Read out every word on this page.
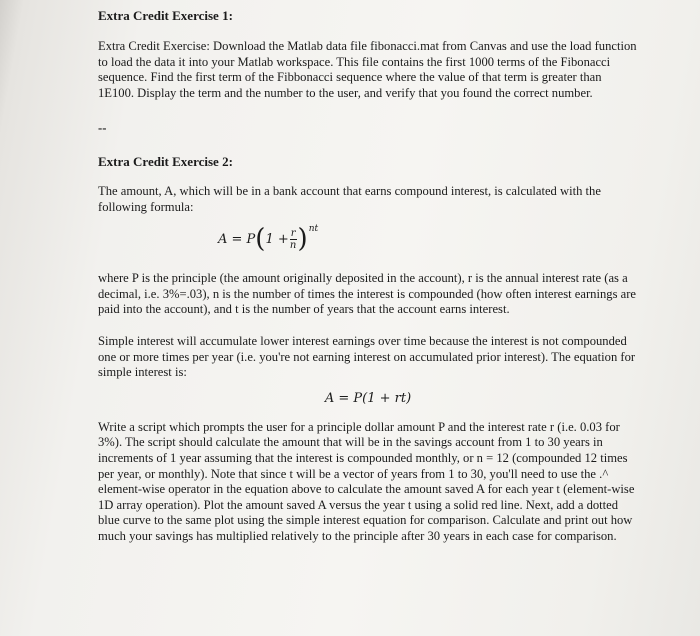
Extra Credit Exercise 1:

Extra Credit Exercise: Download the Matlab data file fibonacci.mat from Canvas and use the load function to load the data it into your Matlab workspace. This file contains the first 1000 terms of the Fibonacci sequence. Find the first term of the Fibbonacci sequence where the value of that term is greater than 1E100. Display the term and the number to the user, and verify that you found the correct number.

--

Extra Credit Exercise 2:

The amount, A, which will be in a bank account that earns compound interest, is calculated with the following formula:

where P is the principle (the amount originally deposited in the account), r is the annual interest rate (as a decimal, i.e. 3%=.03), n is the number of times the interest is compounded (how often interest earnings are paid into the account), and t is the number of years that the account earns interest.

Simple interest will accumulate lower interest earnings over time because the interest is not compounded one or more times per year (i.e. you're not earning interest on accumulated prior interest). The equation for simple interest is:

A = P(1 + rt)

Write a script which prompts the user for a principle dollar amount P and the interest rate r (i.e. 0.03 for 3%). The script should calculate the amount that will be in the savings account from 1 to 30 years in increments of 1 year assuming that the interest is compounded monthly, or n = 12 (compounded 12 times per year, or monthly). Note that since t will be a vector of years from 1 to 30, you'll need to use the .^ element-wise operator in the equation above to calculate the amount saved A for each year t (element-wise 1D array operation). Plot the amount saved A versus the year t using a solid red line. Next, add a dotted blue curve to the same plot using the simple interest equation for comparison. Calculate and print out how much your savings has multiplied relatively to the principle after 30 years in each case for comparison.

A = P ( $1 + \frac{r}{n}$ ) nt
